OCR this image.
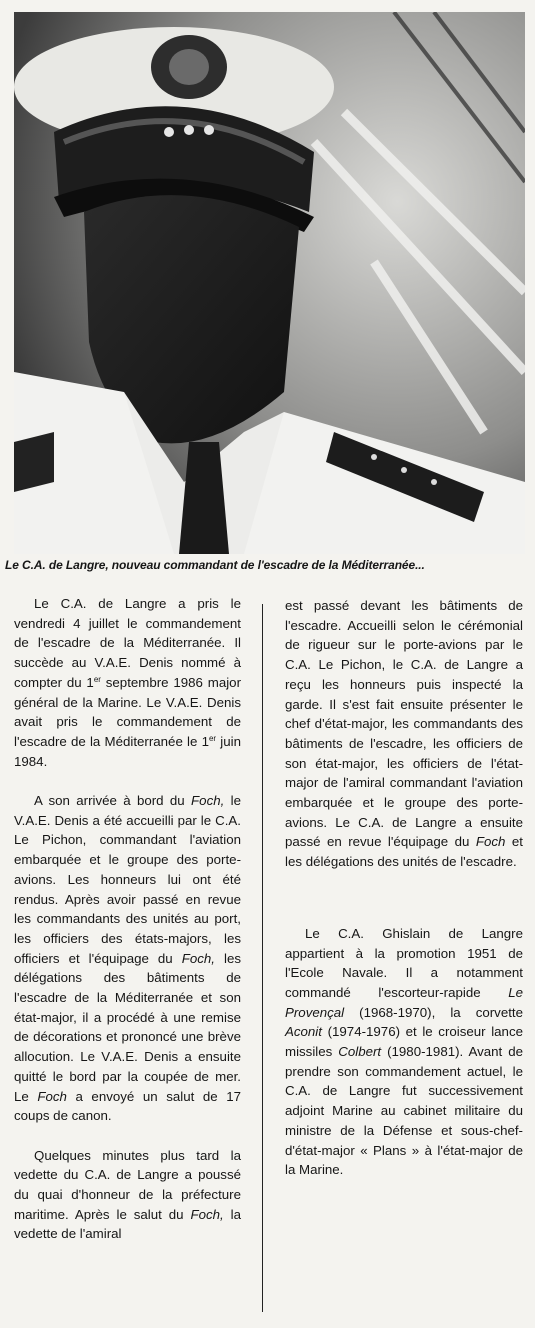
Le C.A. de Langre, nouveau commandant de l'escadre de la Méditerranée...

Le C.A. de Langre a pris le vendredi 4 juillet le commandement de l'escadre de la Méditerranée. Il succède au V.A.E. Denis nommé à compter du 1er septembre 1986 major général de la Marine. Le V.A.E. Denis avait pris le commandement de l'escadre de la Méditerranée le 1er juin 1984.

A son arrivée à bord du Foch, le V.A.E. Denis a été accueilli par le C.A. Le Pichon, commandant l'aviation embarquée et le groupe des porte-avions. Les honneurs lui ont été rendus. Après avoir passé en revue les commandants des unités au port, les officiers des états-majors, les officiers et l'équipage du Foch, les délégations des bâtiments de l'escadre de la Méditerranée et son état-major, il a procédé à une remise de décorations et prononcé une brève allocution. Le V.A.E. Denis a ensuite quitté le bord par la coupée de mer. Le Foch a envoyé un salut de 17 coups de canon.

Quelques minutes plus tard la vedette du C.A. de Langre a poussé du quai d'honneur de la préfecture maritime. Après le salut du Foch, la vedette de l'amiral

est passé devant les bâtiments de l'escadre. Accueilli selon le cérémonial de rigueur sur le porte-avions par le C.A. Le Pichon, le C.A. de Langre a reçu les honneurs puis inspecté la garde. Il s'est fait ensuite présenter le chef d'état-major, les commandants des bâtiments de l'escadre, les officiers de son état-major, les officiers de l'état-major de l'amiral commandant l'aviation embarquée et le groupe des porte-avions. Le C.A. de Langre a ensuite passé en revue l'équipage du Foch et les délégations des unités de l'escadre.

Le C.A. Ghislain de Langre appartient à la promotion 1951 de l'Ecole Navale. Il a notamment commandé l'escorteur-rapide Le Provençal (1968-1970), la corvette Aconit (1974-1976) et le croiseur lance missiles Colbert (1980-1981). Avant de prendre son commandement actuel, le C.A. de Langre fut successivement adjoint Marine au cabinet militaire du ministre de la Défense et sous-chef-d'état-major « Plans » à l'état-major de la Marine.
